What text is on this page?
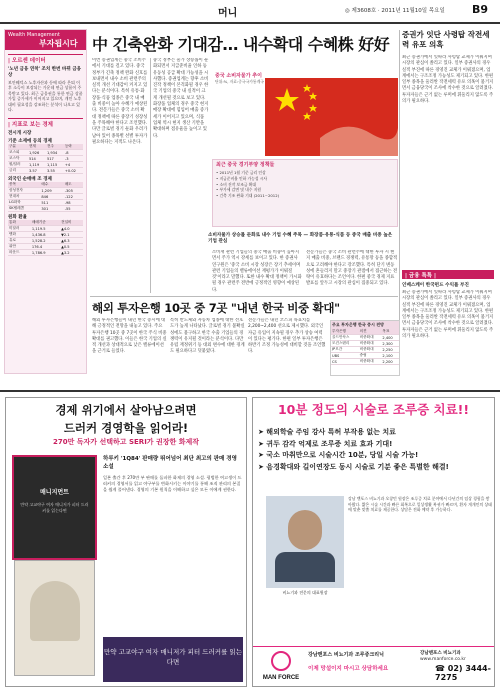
머니	◎ 제3608호 · 2011년 11월10일 목요일 B9
Wealth Management
부자됩시다
| 오르셴 데이터
'노년 금융 연착' 조치 한번 바뀌 금융상
보안웨덕스 노후자산과 등에 따라 은퇴 이후 소득이 보장되는 가운데 연금 상품이 주목받고 있다. 최근 금융권을 통한 연금 상품 가입 증가세가 이어지고 있으며, 개인 노후 대비 필요성을 강조하는 분석이 나오고 있다.
| 지표로 보는 경제
전시개 시장
기준 소재에 등의 경제
구분	현재	전주	등락
코스피	1,926	1,934	-8
코스닥	514	517	-3
원/달러	1,119	1,115	+4
금리	3.57	3.55	+0.02
외국인 순매매 조 경제
종목	매수	매도
삼성전자	1,209	-305
현대차	846	-122
LG화학	511	-98
SK텔레콤	301	-55
원화 환율
통화	매매기준	전일비
미달러	1,119.5	▲4.0
엔화	1,436.8	▼2.1
유로	1,528.2	▲6.3
위안	176.4	▲0.5
파운드	1,786.9	▲3.2
中 긴축완화 기대감… 내수확대 수혜株 好好
이번 증권업계는 중국 소비주에서 기대를 걸고 있다. 중국 정부가 긴축 정책 완화 신호를 보내면서 내수 소비 관련주의 실적 개선 기대감이 커지고 있다는 분석이다. 특히 유통·화장품·식품 업종은 중국 내 매출 비중이 높아 수혜가 예상된다. 전문가들은 중국 소비 확대 정책에 따른 중장기 성장성을 주목해야 한다고 조언했다. 다만 글로벌 경기 둔화 우려가 남아 있어 종목별 선별 투자가 필요하다는 지적도 나온다.
중국 정부는 물가 상승률이 둔화되면서 지급준비율 인하 등 유동성 공급 확대 가능성을 시사했다. 증권업계는 향후 소비 진작 정책이 본격화될 경우 한국 기업의 중국 내 실적이 크게 개선될 것으로 보고 있다. 화장품 업체의 경우 중국 현지 매장 확대에 힘입어 매출 증가세가 이어지고 있으며, 식품 업체 역시 현지 생산 기반을 확대하며 점유율을 높이고 있다.
중국 소비자물가 추이
단위:%, 자료:중국국가통계국
최근 중국 경기부양 정책들
• 2011년 1월 기준 금리 인상
• 지급준비율 인하 가능성 시사
• 소비 진작 보조금 확대
• 부가세 감면 및 내수 지원
• 긴축 기조 완화 기대 (2011~2012)
소비자물가 상승률 둔화로 내수 기업 수혜 주목 — 화장품·유통·식품 등 중국 매출 비중 높은 기업 관심
소비재 관련 기업들의 중국 매출 비중이 높아지면서 주가 역시 강세를 보이고 있다. 한 증권사 연구원은 '중국 소비 시장 성장은 장기 추세이며 관련 기업들의 밸류에이션 재평가가 이뤄질 것'이라고 말했다. 또한 내수 확대 정책이 가시화될 경우 관련주 전반에 긍정적인 영향이 예상된다.
전문가들은 중국 소비 관련주에 대한 투자 시 현지 매출 비중, 브랜드 경쟁력, 유통망 등을 종합적으로 고려해야 한다고 강조했다. 특히 단기 변동성에 흔들리지 말고 중장기 관점에서 접근하는 전략이 유효하다는 조언이다. 한편 중국 경제 지표 발표를 앞두고 시장의 관심이 집중되고 있다.
증권가 잇단 사령탑 작전세력 유포 의혹
최근 증권가에서 잇따라 사령탑 교체가 이뤄지며 시장의 관심이 쏠리고 있다. 일부 증권사의 경우 실적 부진에 따른 경영진 교체가 이뤄졌으며, 업계에서는 구조조정 가능성도 제기되고 있다. 한편 일부 종목을 둘러싼 작전세력 유포 의혹이 불거지면서 금융당국이 조사에 착수한 것으로 알려졌다. 투자자들은 근거 없는 루머에 휘둘리지 않도록 주의가 필요하다.
| 금융 톡톡 |
인베스케이 한국펀드 수익률 부진
최근 증권가에서 잇따라 사령탑 교체가 이뤄지며 시장의 관심이 쏠리고 있다. 일부 증권사의 경우 실적 부진에 따른 경영진 교체가 이뤄졌으며, 업계에서는 구조조정 가능성도 제기되고 있다. 한편 일부 종목을 둘러싼 작전세력 유포 의혹이 불거지면서 금융당국이 조사에 착수한 것으로 알려졌다. 투자자들은 근거 없는 루머에 휘둘리지 않도록 주의가 필요하다.
해외 투자은행 10곳 중 7곳 "내년 한국 비중 확대"
해외 투자은행들이 내년 한국 증시에 대해 긍정적인 전망을 내놓고 있다. 주요 투자은행 10곳 중 7곳이 한국 주식 비중 확대를 권고했다. 이들은 한국 기업의 실적 개선과 상대적으로 낮은 밸류에이션을 근거로 들었다.
특히 반도체와 자동차 업종에 대한 선호도가 높게 나타났다. 글로벌 경기 불확실성에도 불구하고 한국 수출 기업들의 경쟁력이 유지될 것이라는 분석이다. 다만 유럽 재정위기 등 대외 변수에 대한 경계도 필요하다고 덧붙였다.
전문가들은 내년 코스피 목표치를 2,200~2,400 선으로 제시했다. 외국인 자금 유입이 지속될 경우 추가 상승 여력이 있다는 평가다. 한편 일부 투자은행은 하반기 조정 가능성에 대비할 것을 조언했다.
주요 투자은행 한국 증시 전망
투자은행	의견	목표
골드만삭스	비중확대	2,400
모건스탠리	비중확대	2,300
JP모간	비중확대	2,250
UBS	중립	2,100
CS	비중확대	2,200
경제 위기에서 살아남으려면
드러커 경영학을 읽어라!
270만 독자가 선택하고 SERI가 권장한 화제작
매니지먼트
만약 고교야구 여자 매니저가 피터 드러커를 읽는다면
하루키 '1Q84' 판매량 뛰어넘어 최단 최고의 판매 경영 소설
일본 출간 후 270만 부 판매를 돌파한 화제의 경영 소설. 평범한 여고생이 드러커의 경영서를 읽고 야구부를 변화시키는 이야기를 통해 조직 관리의 본질을 쉽게 풀어낸다. 경영의 기본 원칙을 이해하고 싶은 모든 이에게 권한다.
만약 고교야구 여자 매니저가 피터 드러커를 읽는다면
10분 정도의 시술로 조루증 치료!!
➤ 해외학술 주임 강사 특허 부작용 없는 치료
➤ 귀두 감각 억제로 조루증 치료 효과 기대!
➤ 국소 마취만으로 시술시간 10분, 당일 시술 가능!
➤ 음경확대와 길이연장도 동시 시술로 기분 좋은 특별한 해결!
비뇨기과 전문의 대표원장
강남 맨포스 비뇨기과 오창민 원장은 조루증 치료 분야에서 다년간의 임상 경험을 쌓아왔다. 짧은 시술 시간과 빠른 회복으로 일상생활 복귀가 빠르며, 환자 개개인의 상태에 맞춘 맞춤 치료를 제공한다. 상담은 전화 예약 후 가능하다.
MAN FORCE
강남맨포스 비뇨기과 조루증크리닉
이제 망설이지 마시고 상담하세요
강남맨포스 비뇨기과
www.manforce.co.kr
☎ 02) 3444-7275
